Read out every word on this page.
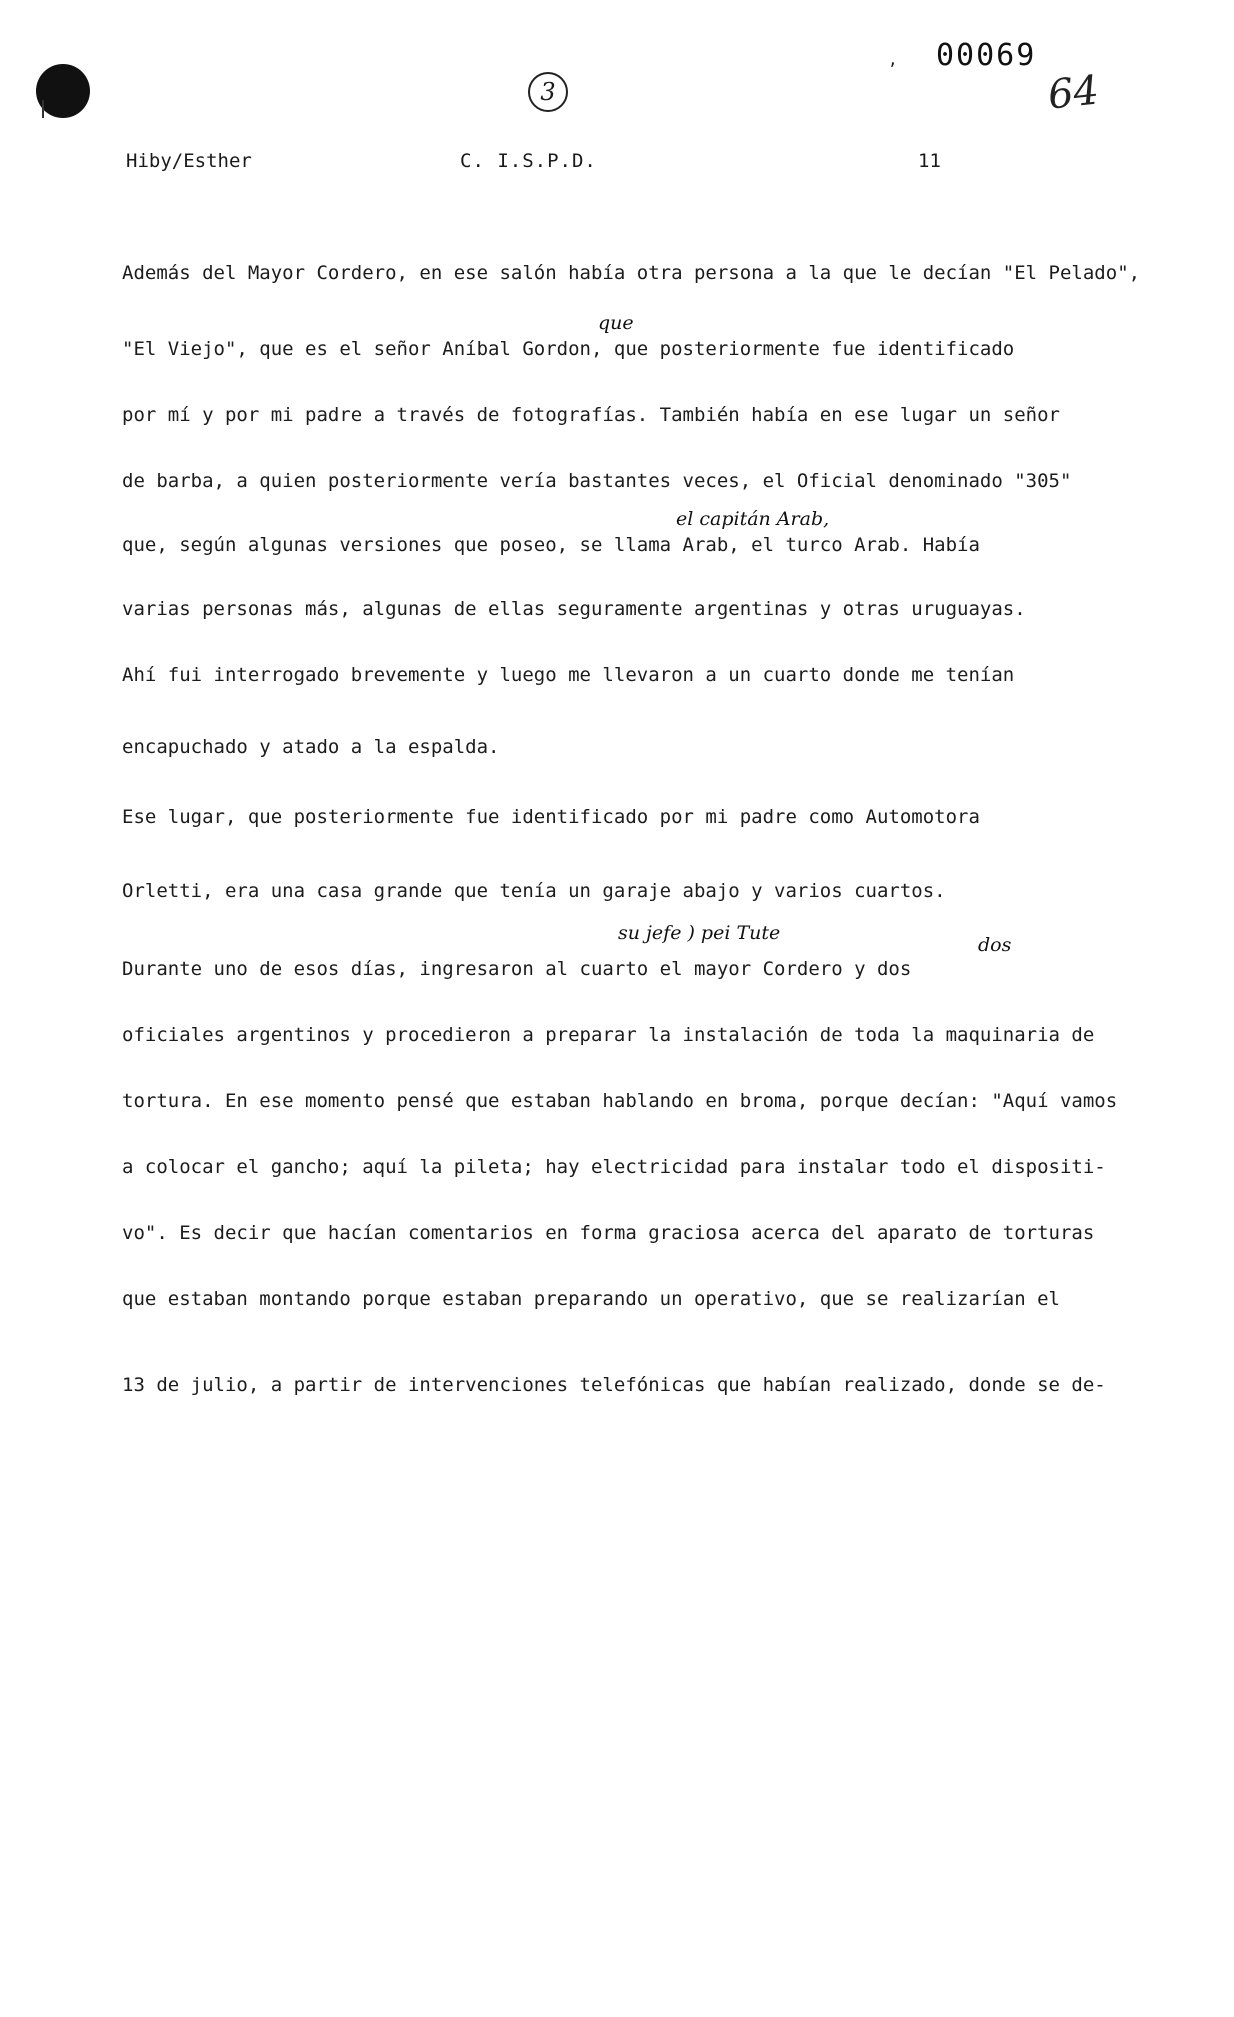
3
, 00069
64
Hiby/Esther	C. I.S.P.D.	11
que
el capitán Arab,
su jefe ) pei Tute
dos
Además del Mayor Cordero, en ese salón había otra persona a la que le decían "El Pelado",
"El Viejo", que es el señor Aníbal Gordon, que posteriormente fue identificado
por mí y por mi padre a través de fotografías. También había en ese lugar un señor
de barba, a quien posteriormente vería bastantes veces, el Oficial denominado "305"
que, según algunas versiones que poseo, se llama Arab, el turco Arab. Había
varias personas más, algunas de ellas seguramente argentinas y otras uruguayas.
Ahí fui interrogado brevemente y luego me llevaron a un cuarto donde me tenían
encapuchado y atado a la espalda.
Ese lugar, que posteriormente fue identificado por mi padre como Automotora
Orletti, era una casa grande que tenía un garaje abajo y varios cuartos.
Durante uno de esos días, ingresaron al cuarto el mayor Cordero y dos
oficiales argentinos y procedieron a preparar la instalación de toda la maquinaria de
tortura. En ese momento pensé que estaban hablando en broma, porque decían: "Aquí vamos
a colocar el gancho; aquí la pileta; hay electricidad para instalar todo el dispositi-
vo". Es decir que hacían comentarios en forma graciosa acerca del aparato de torturas
que estaban montando porque estaban preparando un operativo, que se realizarían el
13 de julio, a partir de intervenciones telefónicas que habían realizado, donde se de-
